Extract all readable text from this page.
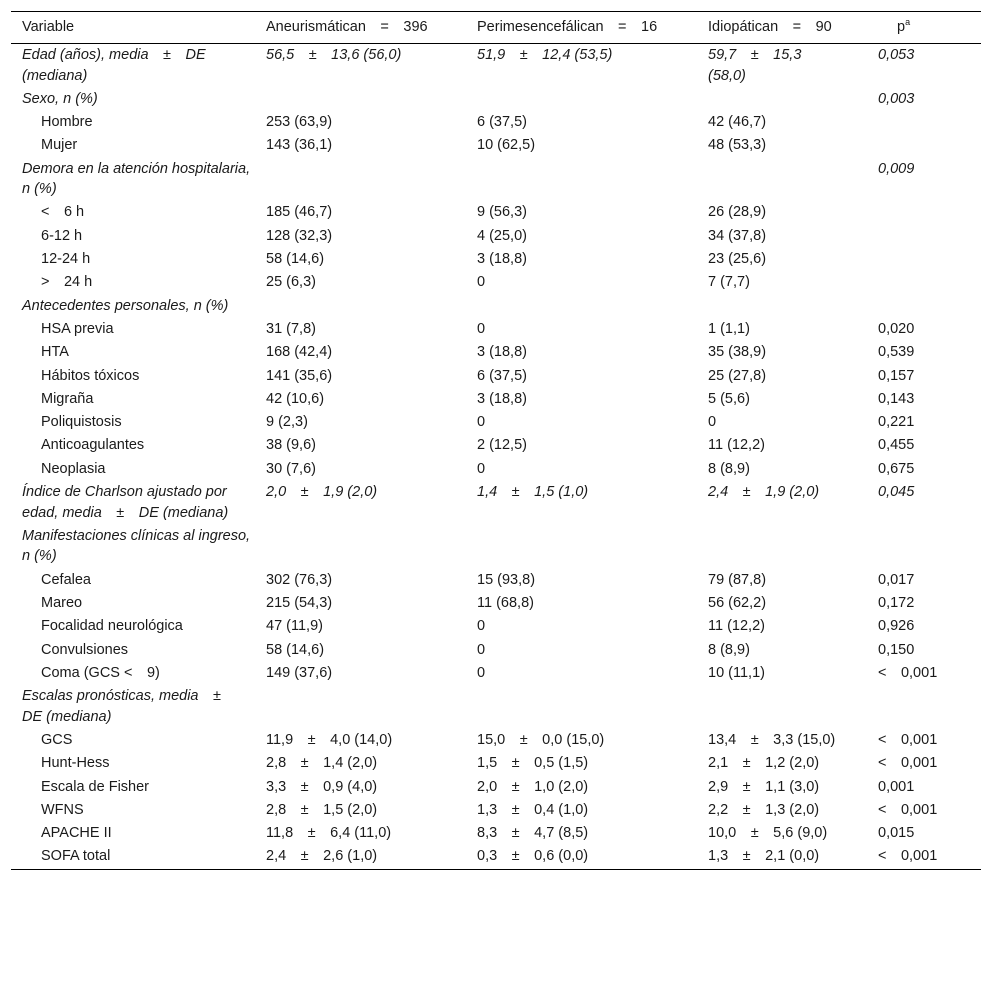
Variable	Aneurismátican = 396	Perimesencefálican = 16	Idiopátican = 90	$p^a$
Edad (años), media ± DE (mediana)	56,5 ± 13,6 (56,0)	51,9 ± 12,4 (53,5)	59,7 ± 15,3 (58,0)	0,053
Sexo, n (%)				0,003
Hombre	253 (63,9)	6 (37,5)	42 (46,7)	
Mujer	143 (36,1)	10 (62,5)	48 (53,3)	
Demora en la atención hospitalaria, n (%)				0,009
< 6 h	185 (46,7)	9 (56,3)	26 (28,9)	
6-12 h	128 (32,3)	4 (25,0)	34 (37,8)	
12-24 h	58 (14,6)	3 (18,8)	23 (25,6)	
> 24 h	25 (6,3)	0	7 (7,7)	
Antecedentes personales, n (%)				
HSA previa	31 (7,8)	0	1 (1,1)	0,020
HTA	168 (42,4)	3 (18,8)	35 (38,9)	0,539
Hábitos tóxicos	141 (35,6)	6 (37,5)	25 (27,8)	0,157
Migraña	42 (10,6)	3 (18,8)	5 (5,6)	0,143
Poliquistosis	9 (2,3)	0	0	0,221
Anticoagulantes	38 (9,6)	2 (12,5)	11 (12,2)	0,455
Neoplasia	30 (7,6)	0	8 (8,9)	0,675
Índice de Charlson ajustado por edad, media ± DE (mediana)	2,0 ± 1,9 (2,0)	1,4 ± 1,5 (1,0)	2,4 ± 1,9 (2,0)	0,045
Manifestaciones clínicas al ingreso, n (%)				
Cefalea	302 (76,3)	15 (93,8)	79 (87,8)	0,017
Mareo	215 (54,3)	11 (68,8)	56 (62,2)	0,172
Focalidad neurológica	47 (11,9)	0	11 (12,2)	0,926
Convulsiones	58 (14,6)	0	8 (8,9)	0,150
Coma (GCS < 9)	149 (37,6)	0	10 (11,1)	< 0,001
Escalas pronósticas, media ± DE (mediana)				
GCS	11,9 ± 4,0 (14,0)	15,0 ± 0,0 (15,0)	13,4 ± 3,3 (15,0)	< 0,001
Hunt-Hess	2,8 ± 1,4 (2,0)	1,5 ± 0,5 (1,5)	2,1 ± 1,2 (2,0)	< 0,001
Escala de Fisher	3,3 ± 0,9 (4,0)	2,0 ± 1,0 (2,0)	2,9 ± 1,1 (3,0)	0,001
WFNS	2,8 ± 1,5 (2,0)	1,3 ± 0,4 (1,0)	2,2 ± 1,3 (2,0)	< 0,001
APACHE II	11,8 ± 6,4 (11,0)	8,3 ± 4,7 (8,5)	10,0 ± 5,6 (9,0)	0,015
SOFA total	2,4 ± 2,6 (1,0)	0,3 ± 0,6 (0,0)	1,3 ± 2,1 (0,0)	< 0,001
